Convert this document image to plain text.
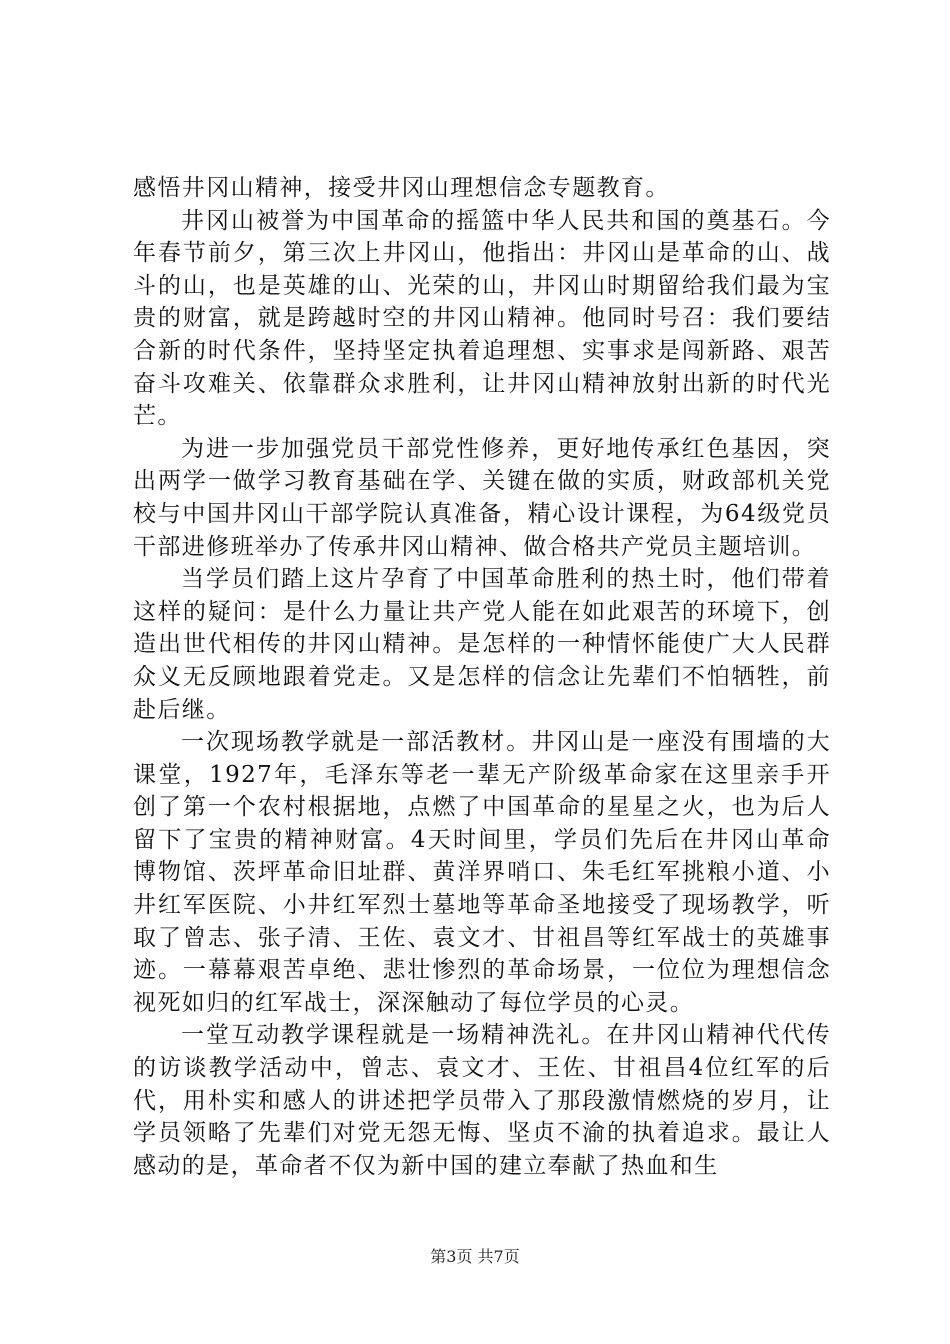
感悟井冈山精神，接受井冈山理想信念专题教育。

井冈山被誉为中国革命的摇篮中华人民共和国的奠基石。今年春节前夕，第三次上井冈山，他指出：井冈山是革命的山、战斗的山，也是英雄的山、光荣的山，井冈山时期留给我们最为宝贵的财富，就是跨越时空的井冈山精神。他同时号召：我们要结合新的时代条件，坚持坚定执着追理想、实事求是闯新路、艰苦奋斗攻难关、依靠群众求胜利，让井冈山精神放射出新的时代光芒。

为进一步加强党员干部党性修养，更好地传承红色基因，突出两学一做学习教育基础在学、关键在做的实质，财政部机关党校与中国井冈山干部学院认真准备，精心设计课程，为64级党员干部进修班举办了传承井冈山精神、做合格共产党员主题培训。

当学员们踏上这片孕育了中国革命胜利的热土时，他们带着这样的疑问：是什么力量让共产党人能在如此艰苦的环境下，创造出世代相传的井冈山精神。是怎样的一种情怀能使广大人民群众义无反顾地跟着党走。又是怎样的信念让先辈们不怕牺牲，前赴后继。

一次现场教学就是一部活教材。井冈山是一座没有围墙的大课堂，1927年，毛泽东等老一辈无产阶级革命家在这里亲手开创了第一个农村根据地，点燃了中国革命的星星之火，也为后人留下了宝贵的精神财富。4天时间里，学员们先后在井冈山革命博物馆、茨坪革命旧址群、黄洋界哨口、朱毛红军挑粮小道、小井红军医院、小井红军烈士墓地等革命圣地接受了现场教学，听取了曾志、张子清、王佐、袁文才、甘祖昌等红军战士的英雄事迹。一幕幕艰苦卓绝、悲壮惨烈的革命场景，一位位为理想信念视死如归的红军战士，深深触动了每位学员的心灵。

一堂互动教学课程就是一场精神洗礼。在井冈山精神代代传的访谈教学活动中，曾志、袁文才、王佐、甘祖昌4位红军的后代，用朴实和感人的讲述把学员带入了那段激情燃烧的岁月，让学员领略了先辈们对党无怨无悔、坚贞不渝的执着追求。最让人感动的是，革命者不仅为新中国的建立奉献了热血和生

第3页 共7页
